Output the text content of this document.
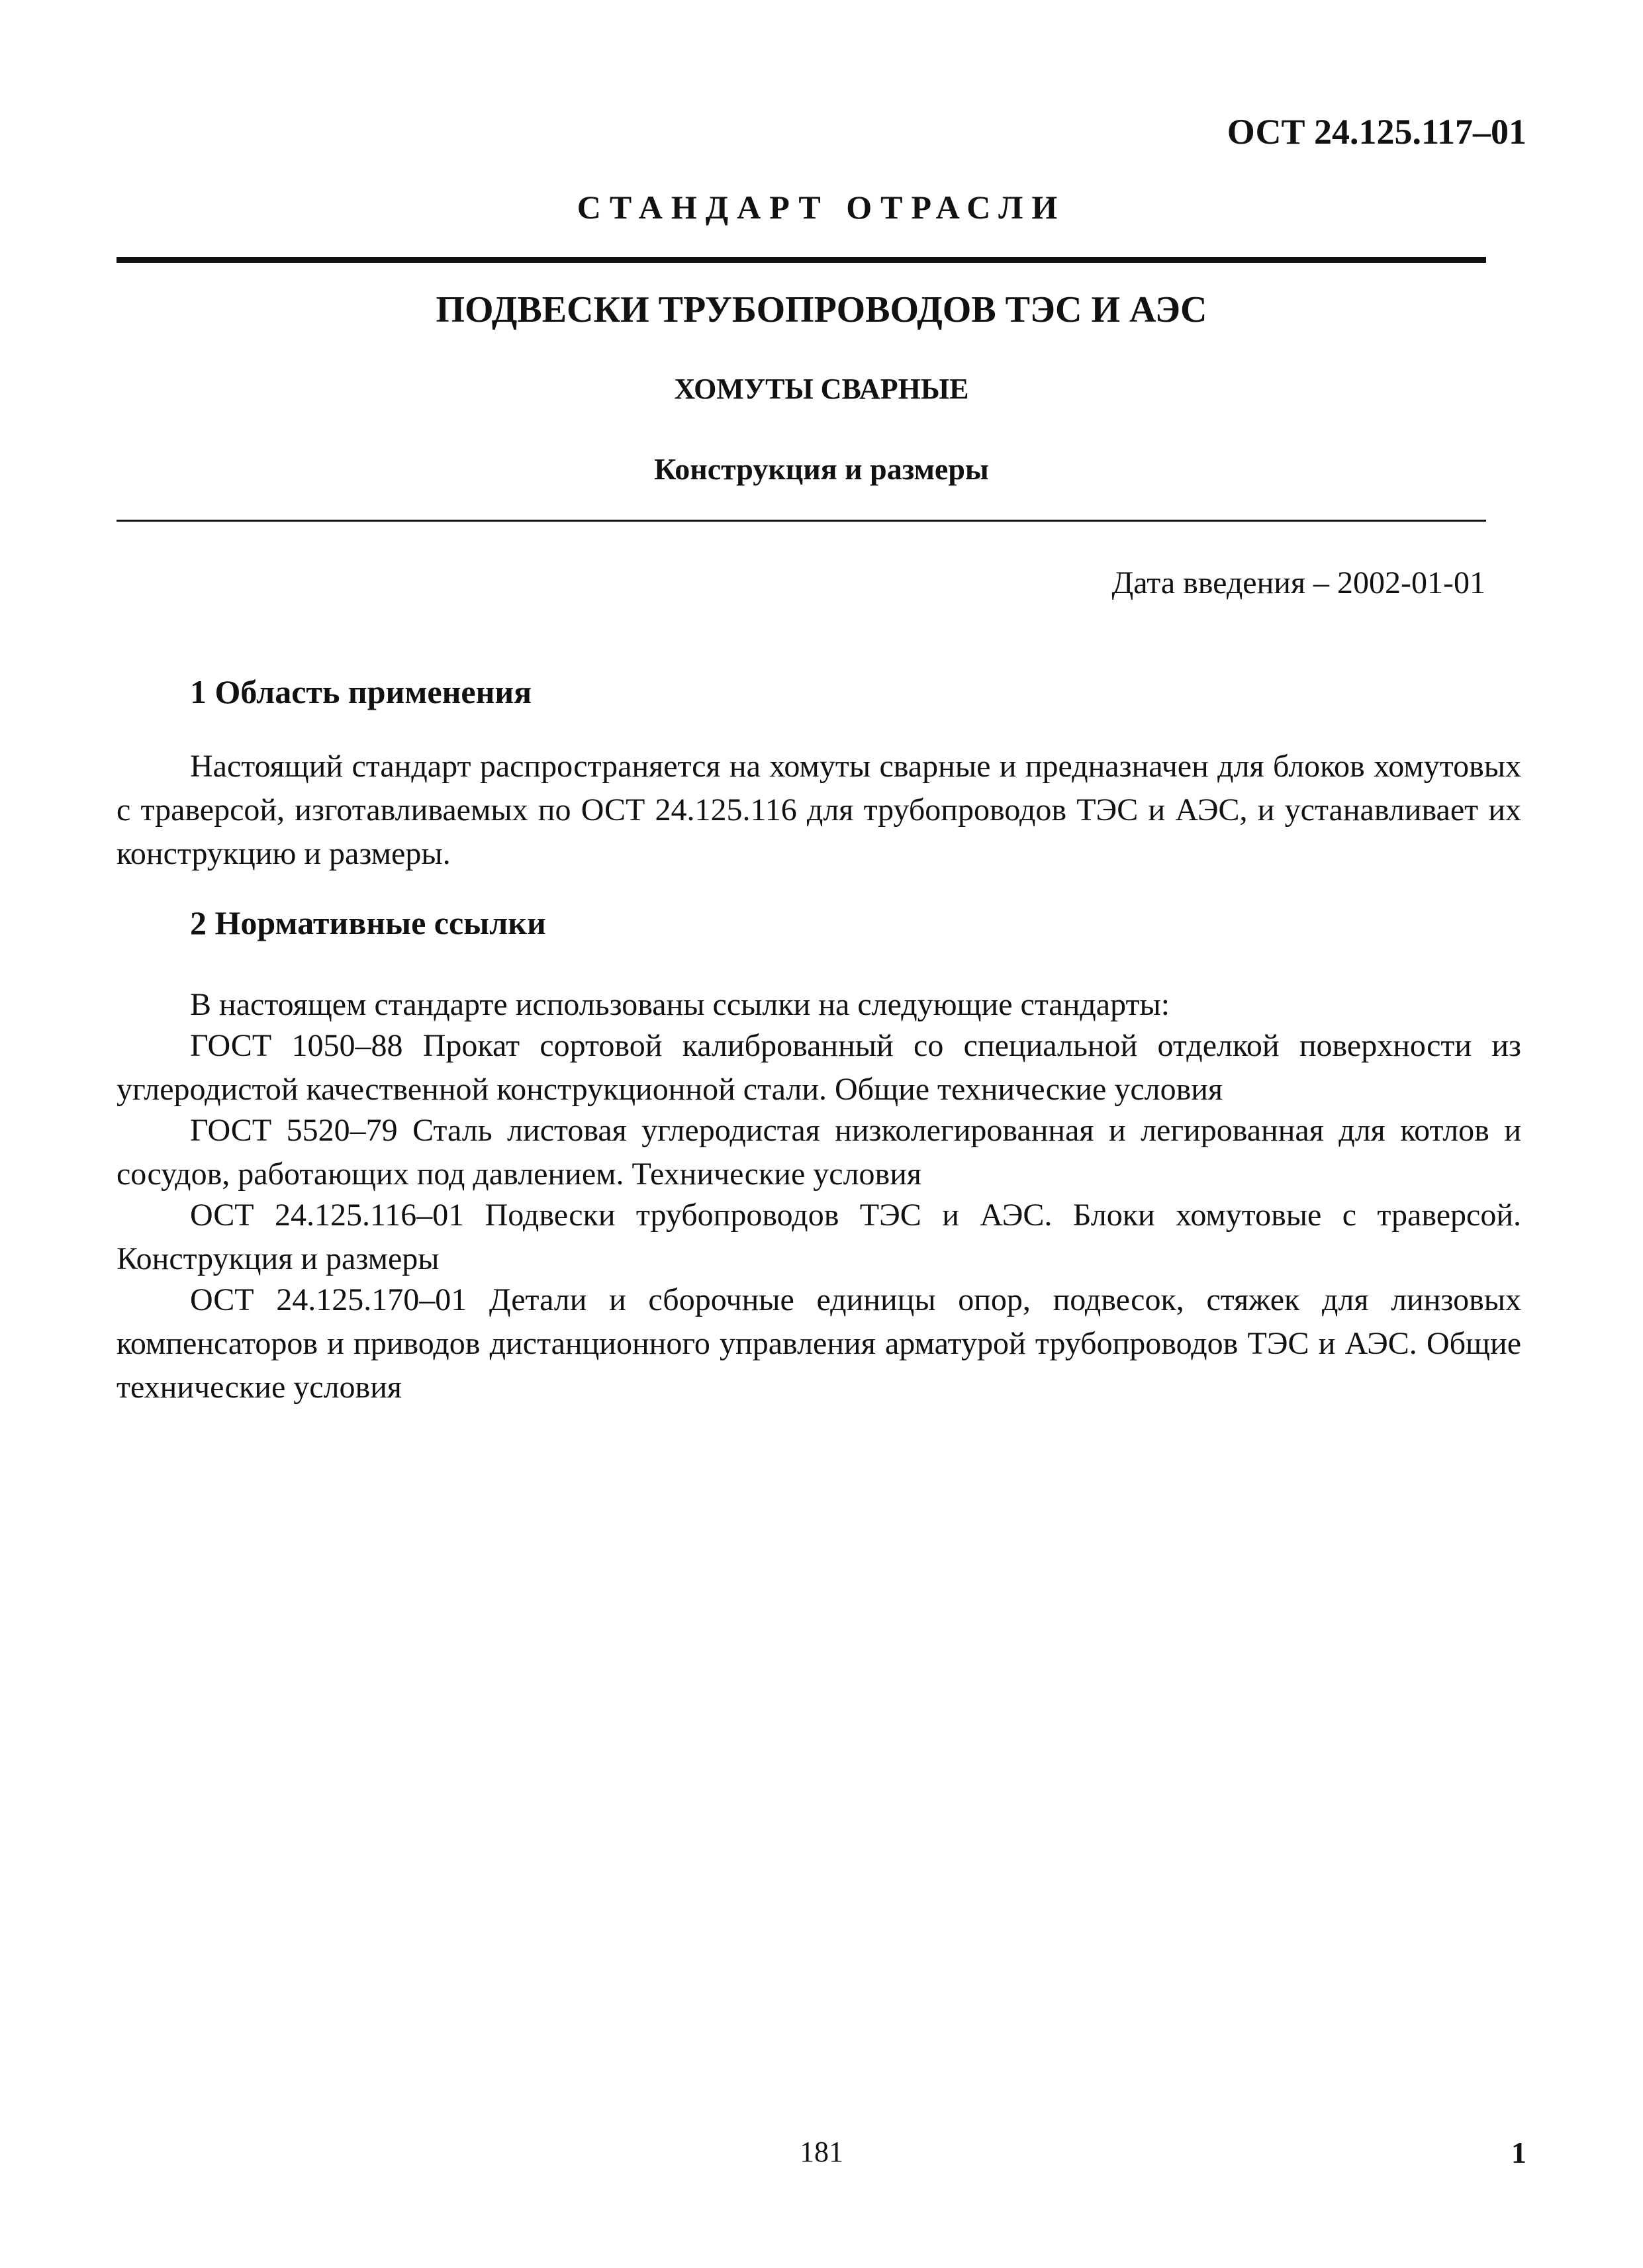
ОСТ 24.125.117–01
СТАНДАРТ ОТРАСЛИ
ПОДВЕСКИ ТРУБОПРОВОДОВ ТЭС И АЭС
ХОМУТЫ СВАРНЫЕ
Конструкция и размеры
Дата введения – 2002-01-01
1 Область применения
Настоящий стандарт распространяется на хомуты сварные и предназначен для блоков хомутовых с траверсой, изготавливаемых по ОСТ 24.125.116 для трубопроводов ТЭС и АЭС, и устанавливает их конструкцию и размеры.
2 Нормативные ссылки
В настоящем стандарте использованы ссылки на следующие стандарты:
ГОСТ 1050–88 Прокат сортовой калиброванный со специальной отделкой поверхности из углеродистой качественной конструкционной стали. Общие технические условия
ГОСТ 5520–79 Сталь листовая углеродистая низколегированная и легированная для котлов и сосудов, работающих под давлением. Технические условия
ОСТ 24.125.116–01 Подвески трубопроводов ТЭС и АЭС. Блоки хомутовые с траверсой. Конструкция и размеры
ОСТ 24.125.170–01 Детали и сборочные единицы опор, подвесок, стяжек для линзовых компенсаторов и приводов дистанционного управления арматурой трубопроводов ТЭС и АЭС. Общие технические условия
181	1
